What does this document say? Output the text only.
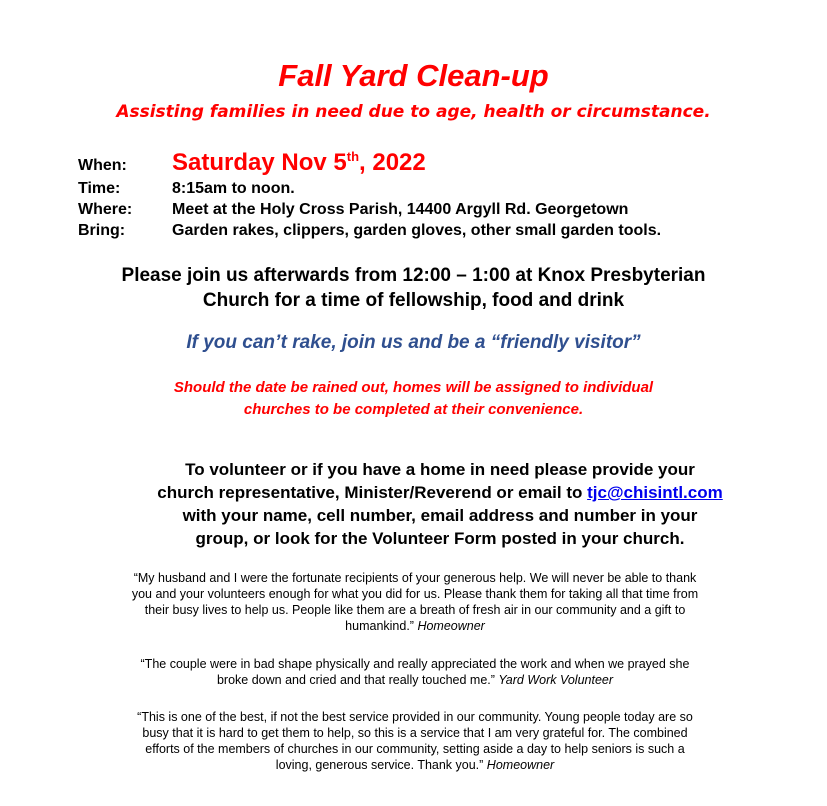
Fall Yard Clean-up
Assisting families in need due to age, health or circumstance.
When:	Saturday Nov 5th, 2022
Time:	8:15am to noon.
Where:	Meet at the Holy Cross Parish, 14400 Argyll Rd. Georgetown
Bring:	Garden rakes, clippers, garden gloves, other small garden tools.
Please join us afterwards from 12:00 – 1:00 at Knox Presbyterian
Church for a time of fellowship, food and drink
If you can’t rake, join us and be a “friendly visitor”
Should the date be rained out, homes will be assigned to individual
churches to be completed at their convenience.
To volunteer or if you have a home in need please provide your
church representative, Minister/Reverend or email to tjc@chisintl.com
with your name, cell number, email address and number in your
group, or look for the Volunteer Form posted in your church.
“My husband and I were the fortunate recipients of your generous help. We will never be able to thank
you and your volunteers enough for what you did for us. Please thank them for taking all that time from
their busy lives to help us. People like them are a breath of fresh air in our community and a gift to
humankind.” Homeowner
“The couple were in bad shape physically and really appreciated the work and when we prayed she
broke down and cried and that really touched me.” Yard Work Volunteer
“This is one of the best, if not the best service provided in our community. Young people today are so
busy that it is hard to get them to help, so this is a service that I am very grateful for. The combined
efforts of the members of churches in our community, setting aside a day to help seniors is such a
loving, generous service. Thank you.” Homeowner
